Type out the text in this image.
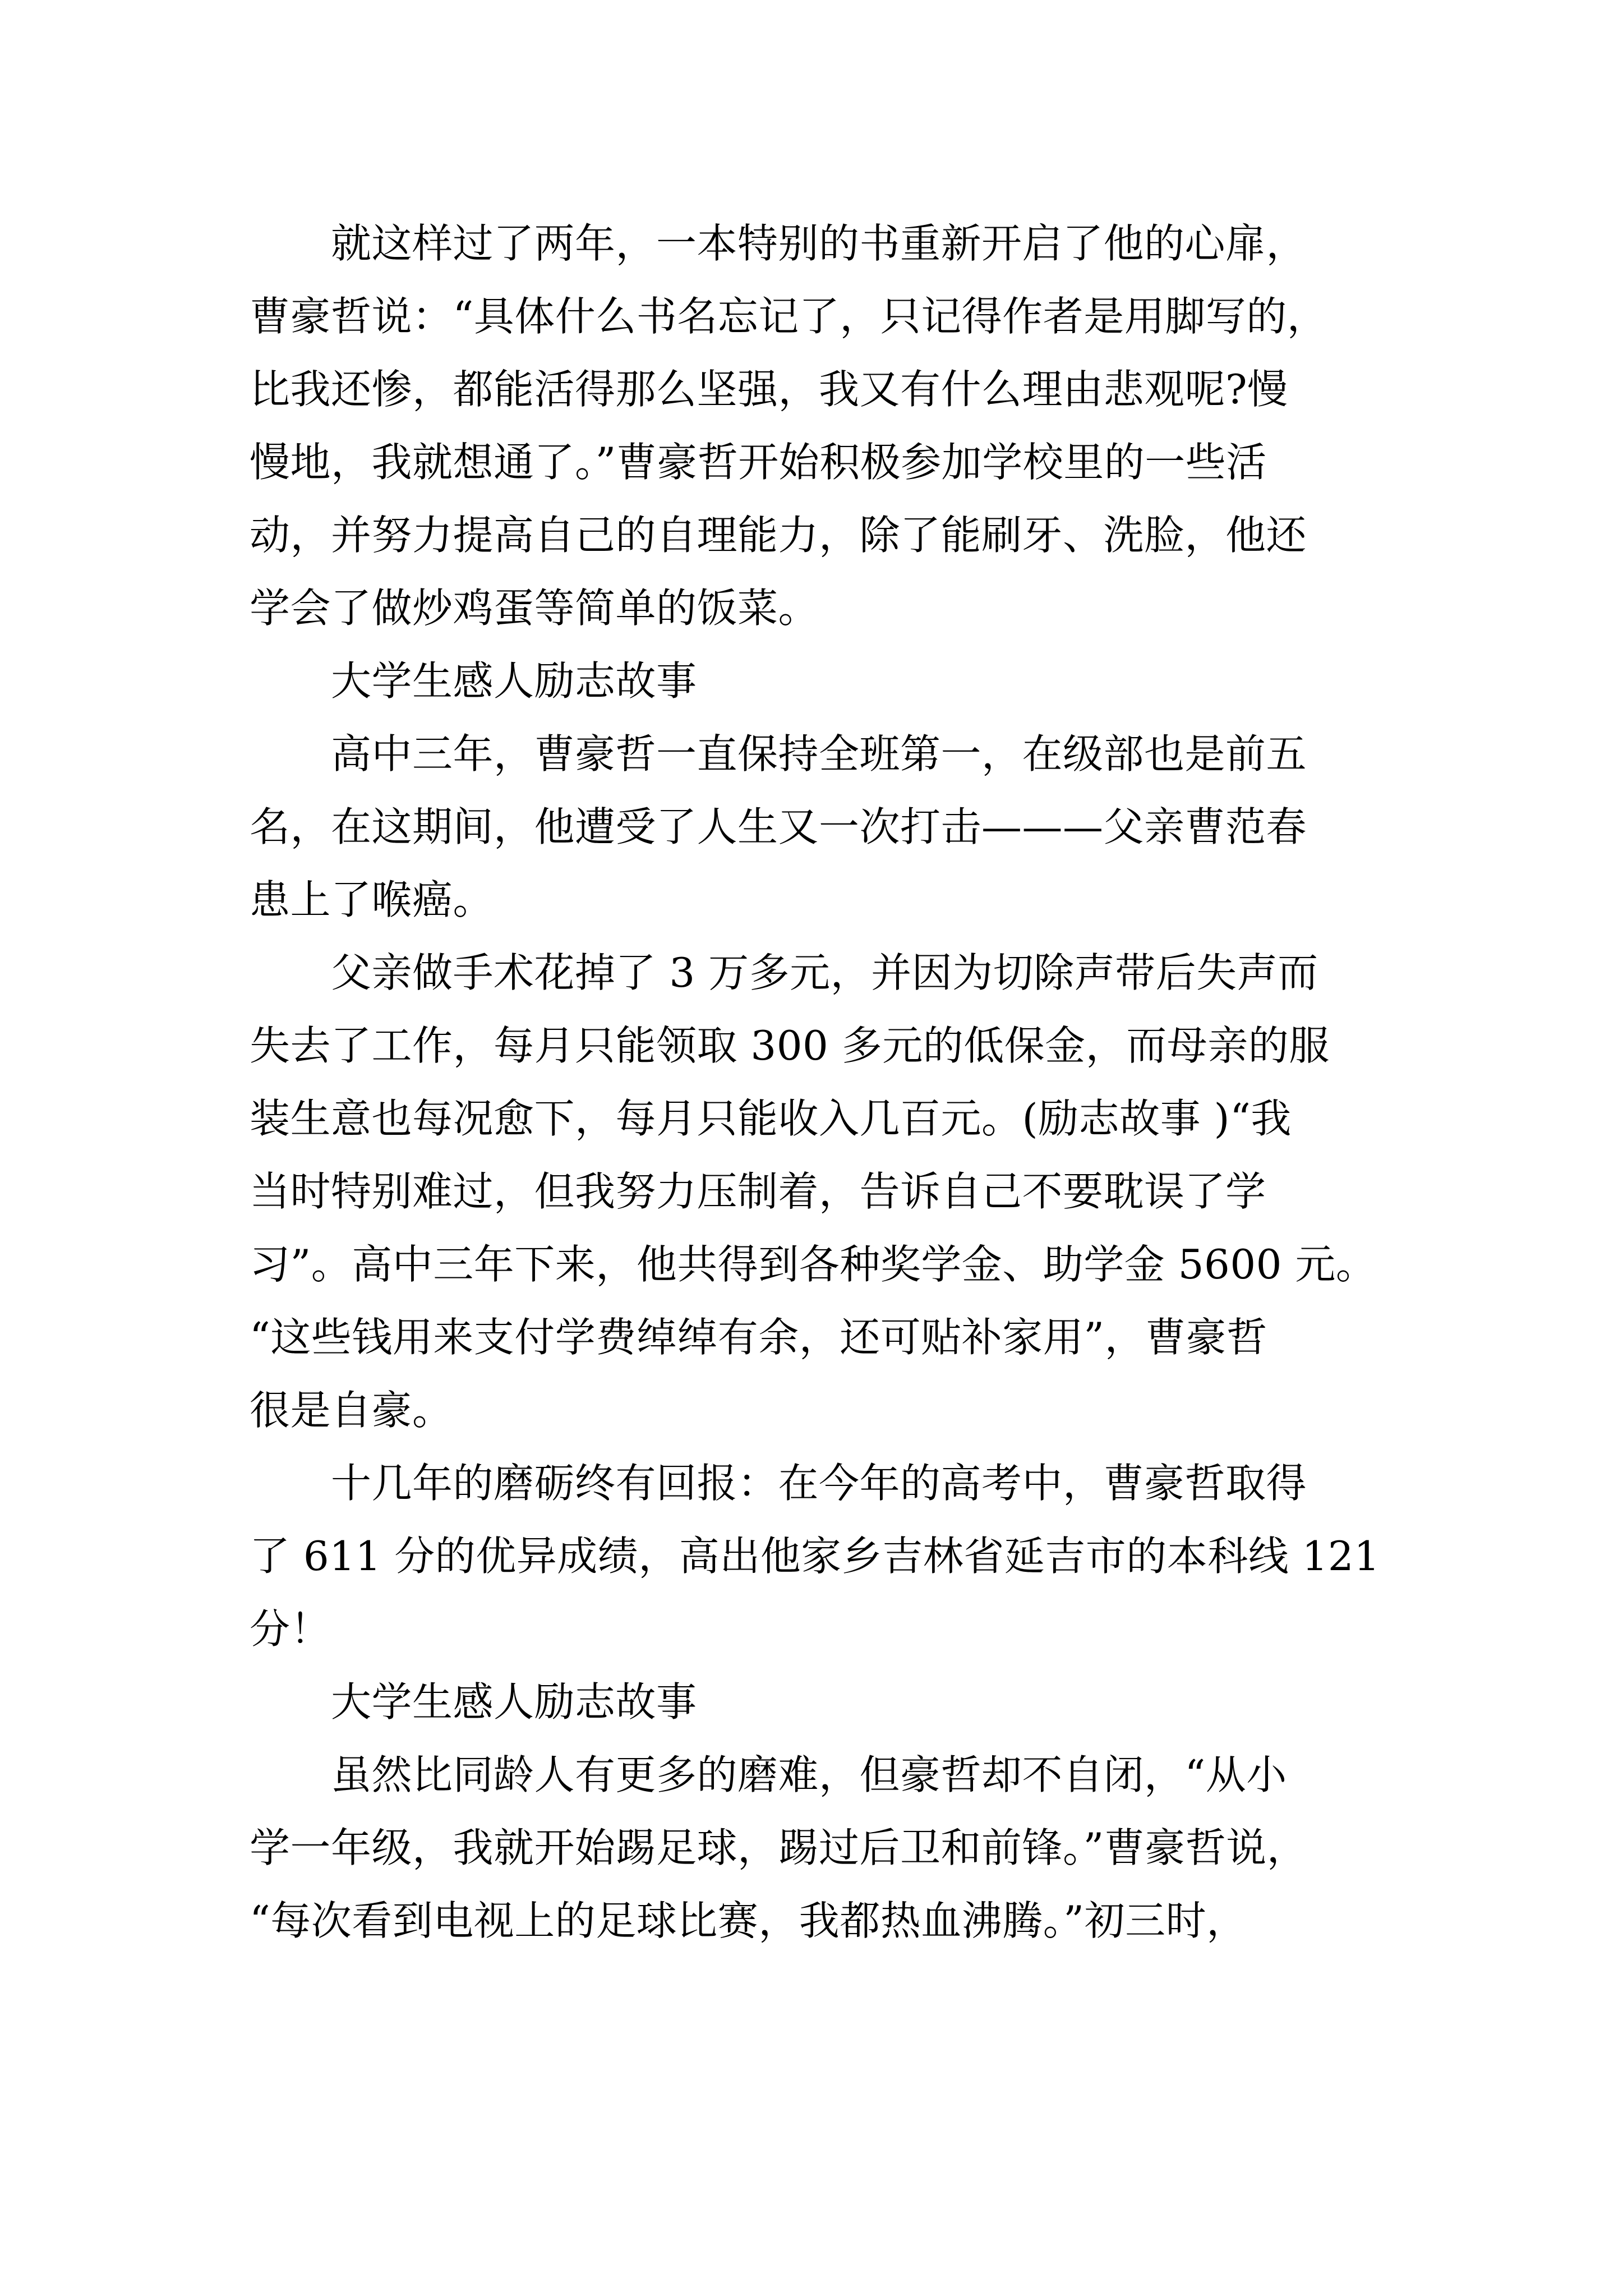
就这样过了两年，一本特别的书重新开启了他的心扉，

曹豪哲说：“具体什么书名忘记了，只记得作者是用脚写的，

比我还惨，都能活得那么坚强，我又有什么理由悲观呢?慢

慢地，我就想通了。”曹豪哲开始积极参加学校里的一些活

动，并努力提高自己的自理能力，除了能刷牙、洗脸，他还

学会了做炒鸡蛋等简单的饭菜。

大学生感人励志故事

高中三年，曹豪哲一直保持全班第一，在级部也是前五

名，在这期间，他遭受了人生又一次打击———父亲曹范春

患上了喉癌。

父亲做手术花掉了 3 万多元，并因为切除声带后失声而

失去了工作，每月只能领取 300 多元的低保金，而母亲的服

装生意也每况愈下，每月只能收入几百元。(励志故事 )“我

当时特别难过，但我努力压制着，告诉自己不要耽误了学

习”。高中三年下来，他共得到各种奖学金、助学金 5600 元。

“这些钱用来支付学费绰绰有余，还可贴补家用”，曹豪哲

很是自豪。

十几年的磨砺终有回报：在今年的高考中，曹豪哲取得

了 611 分的优异成绩，高出他家乡吉林省延吉市的本科线 121

分！

大学生感人励志故事

虽然比同龄人有更多的磨难，但豪哲却不自闭，“从小

学一年级，我就开始踢足球，踢过后卫和前锋。”曹豪哲说，

“每次看到电视上的足球比赛，我都热血沸腾。”初三时，
